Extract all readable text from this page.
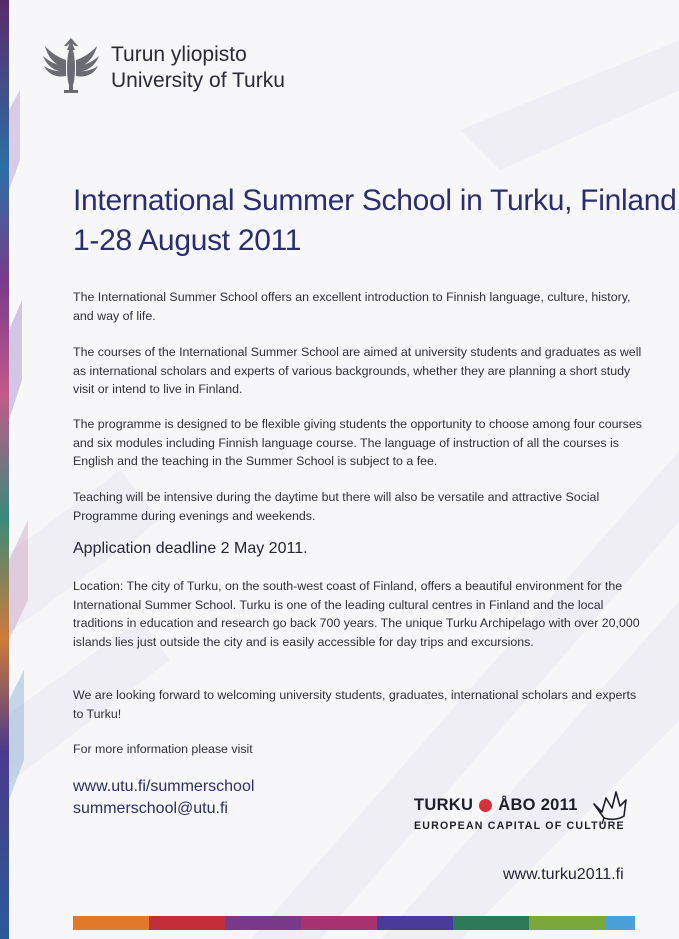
Turun yliopisto
University of Turku
International Summer School in Turku, Finland
1-28 August 2011
The International Summer School offers an excellent introduction to Finnish language, culture, history, and way of life.
The courses of the International Summer School are aimed at university students and graduates as well as international scholars and experts of various backgrounds, whether they are planning a short study visit or intend to live in Finland.
The programme is designed to be flexible giving students the opportunity to choose among four courses and six modules including Finnish language course. The language of instruction of all the courses is English and the teaching in the Summer School is subject to a fee.
Teaching will be intensive during the daytime but there will also be versatile and attractive Social Programme during evenings and weekends.
Application deadline 2 May 2011.
Location: The city of Turku, on the south-west coast of Finland, offers a beautiful environment for the International Summer School. Turku is one of the leading cultural centres in Finland and the local traditions in education and research go back 700 years. The unique Turku Archipelago with over 20,000 islands lies just outside the city and is easily accessible for day trips and excursions.
We are looking forward to welcoming university students, graduates, international scholars and experts to Turku!
For more information please visit
www.utu.fi/summerschool
summerschool@utu.fi	TURKU ÅBO 2011
EUROPEAN CAPITAL OF CULTURE
www.turku2011.fi
